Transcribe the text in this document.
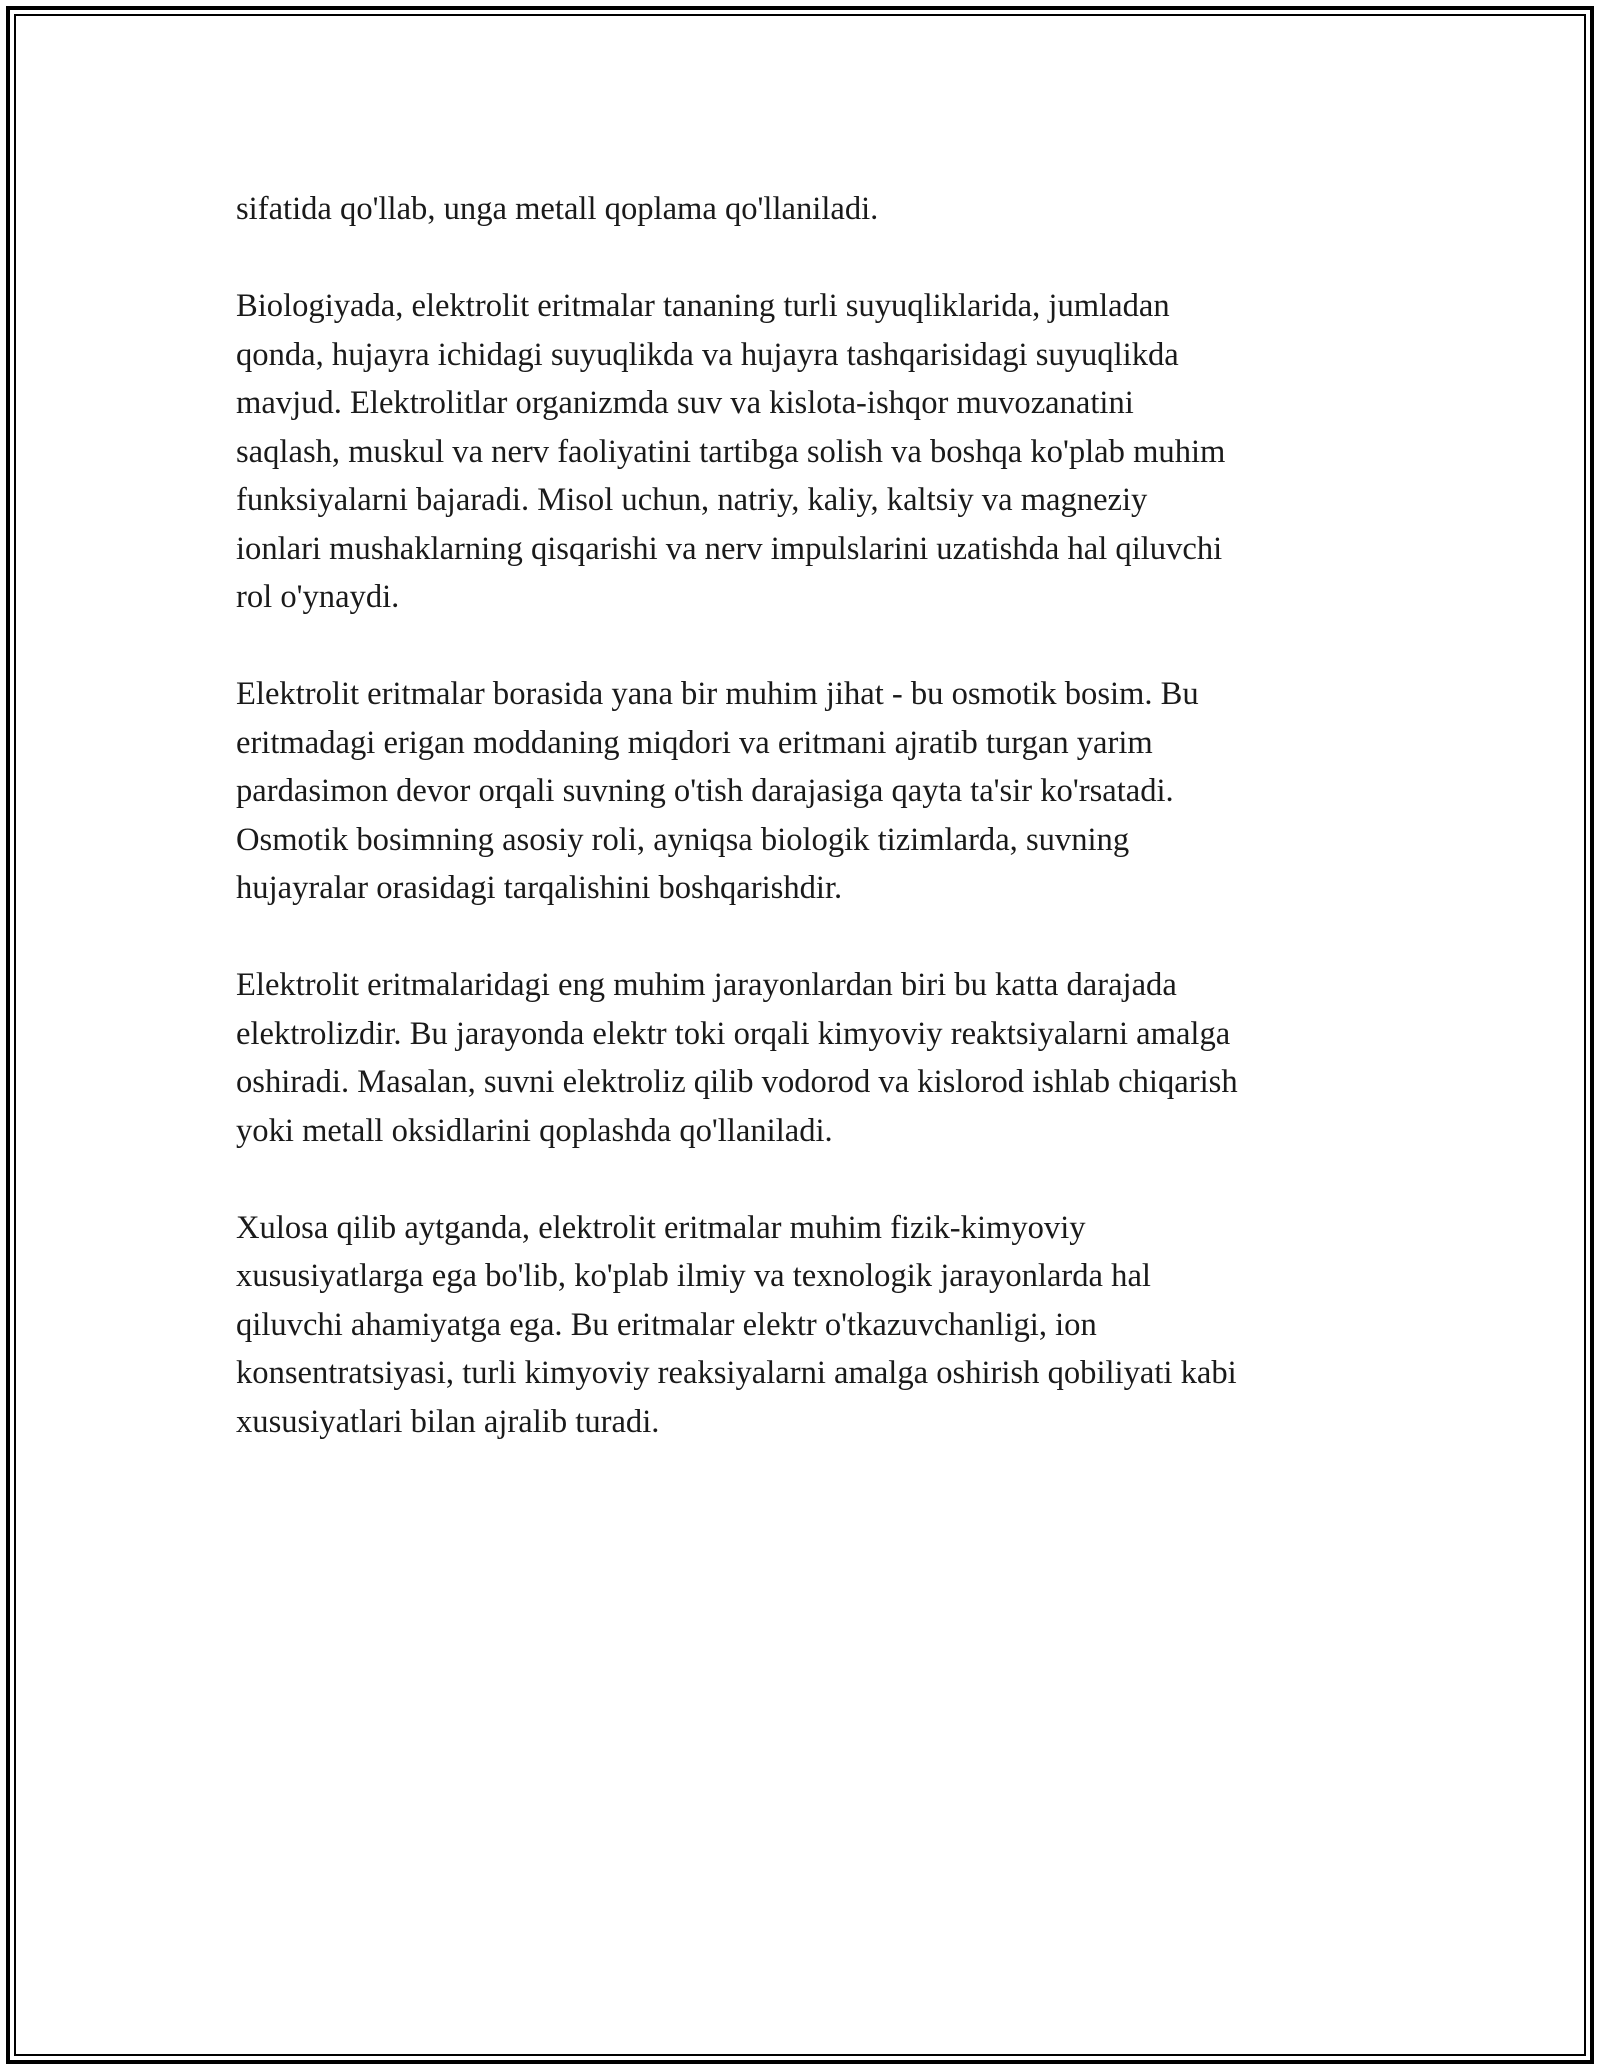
sifatida qo'llab, unga metall qoplama qo'llaniladi.

Biologiyada, elektrolit eritmalar tananing turli suyuqliklarida, jumladan
qonda, hujayra ichidagi suyuqlikda va hujayra tashqarisidagi suyuqlikda
mavjud. Elektrolitlar organizmda suv va kislota-ishqor muvozanatini
saqlash, muskul va nerv faoliyatini tartibga solish va boshqa ko'plab muhim
funksiyalarni bajaradi. Misol uchun, natriy, kaliy, kaltsiy va magneziy
ionlari mushaklarning qisqarishi va nerv impulslarini uzatishda hal qiluvchi
rol o'ynaydi.

Elektrolit eritmalar borasida yana bir muhim jihat - bu osmotik bosim. Bu
eritmadagi erigan moddaning miqdori va eritmani ajratib turgan yarim
pardasimon devor orqali suvning o'tish darajasiga qayta ta'sir ko'rsatadi.
Osmotik bosimning asosiy roli, ayniqsa biologik tizimlarda, suvning
hujayralar orasidagi tarqalishini boshqarishdir.

Elektrolit eritmalaridagi eng muhim jarayonlardan biri bu katta darajada
elektrolizdir. Bu jarayonda elektr toki orqali kimyoviy reaktsiyalarni amalga
oshiradi. Masalan, suvni elektroliz qilib vodorod va kislorod ishlab chiqarish
yoki metall oksidlarini qoplashda qo'llaniladi.

Xulosa qilib aytganda, elektrolit eritmalar muhim fizik-kimyoviy
xususiyatlarga ega bo'lib, ko'plab ilmiy va texnologik jarayonlarda hal
qiluvchi ahamiyatga ega. Bu eritmalar elektr o'tkazuvchanligi, ion
konsentratsiyasi, turli kimyoviy reaksiyalarni amalga oshirish qobiliyati kabi
xususiyatlari bilan ajralib turadi.
